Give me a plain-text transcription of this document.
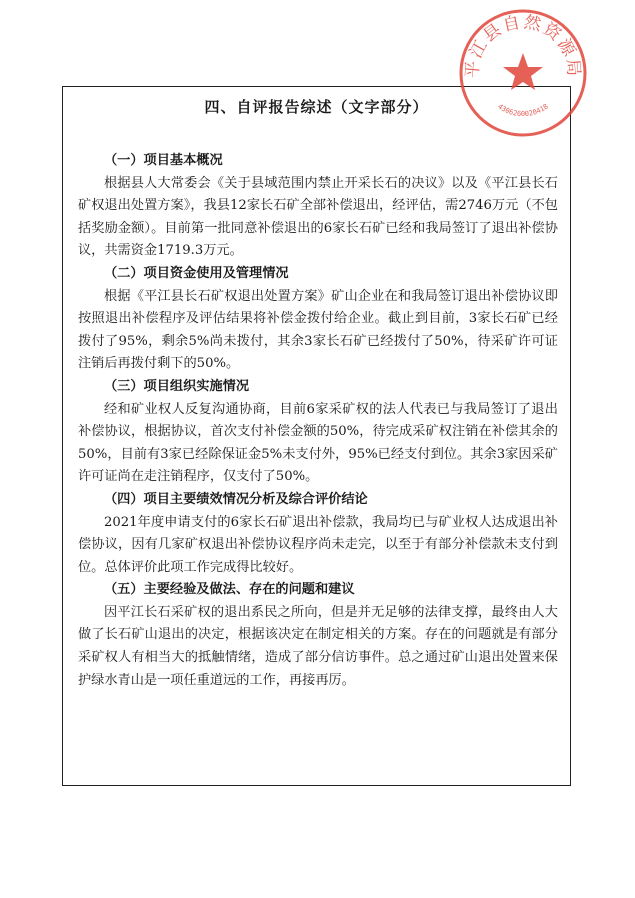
四、自评报告综述（文字部分）

（一）项目基本概况

根据县人大常委会《关于县域范围内禁止开采长石的决议》以及《平江县长石矿权退出处置方案》，我县12家长石矿全部补偿退出，经评估，需2746万元（不包括奖励金额）。目前第一批同意补偿退出的6家长石矿已经和我局签订了退出补偿协议，共需资金1719.3万元。

（二）项目资金使用及管理情况

根据《平江县长石矿权退出处置方案》矿山企业在和我局签订退出补偿协议即按照退出补偿程序及评估结果将补偿金拨付给企业。截止到目前，3家长石矿已经拨付了95%，剩余5%尚未拨付，其余3家长石矿已经拨付了50%，待采矿许可证注销后再拨付剩下的50%。

（三）项目组织实施情况

经和矿业权人反复沟通协商，目前6家采矿权的法人代表已与我局签订了退出补偿协议，根据协议，首次支付补偿金额的50%，待完成采矿权注销在补偿其余的50%，目前有3家已经除保证金5%未支付外，95%已经支付到位。其余3家因采矿许可证尚在走注销程序，仅支付了50%。

（四）项目主要绩效情况分析及综合评价结论

2021年度申请支付的6家长石矿退出补偿款，我局均已与矿业权人达成退出补偿协议，因有几家矿权退出补偿协议程序尚未走完，以至于有部分补偿款未支付到位。总体评价此项工作完成得比较好。

（五）主要经验及做法、存在的问题和建议

因平江长石采矿权的退出系民之所向，但是并无足够的法律支撑，最终由人大做了长石矿山退出的决定，根据该决定在制定相关的方案。存在的问题就是有部分采矿权人有相当大的抵触情绪，造成了部分信访事件。总之通过矿山退出处置来保护绿水青山是一项任重道远的工作，再接再厉。

平江县自然资源局
4306260020418
